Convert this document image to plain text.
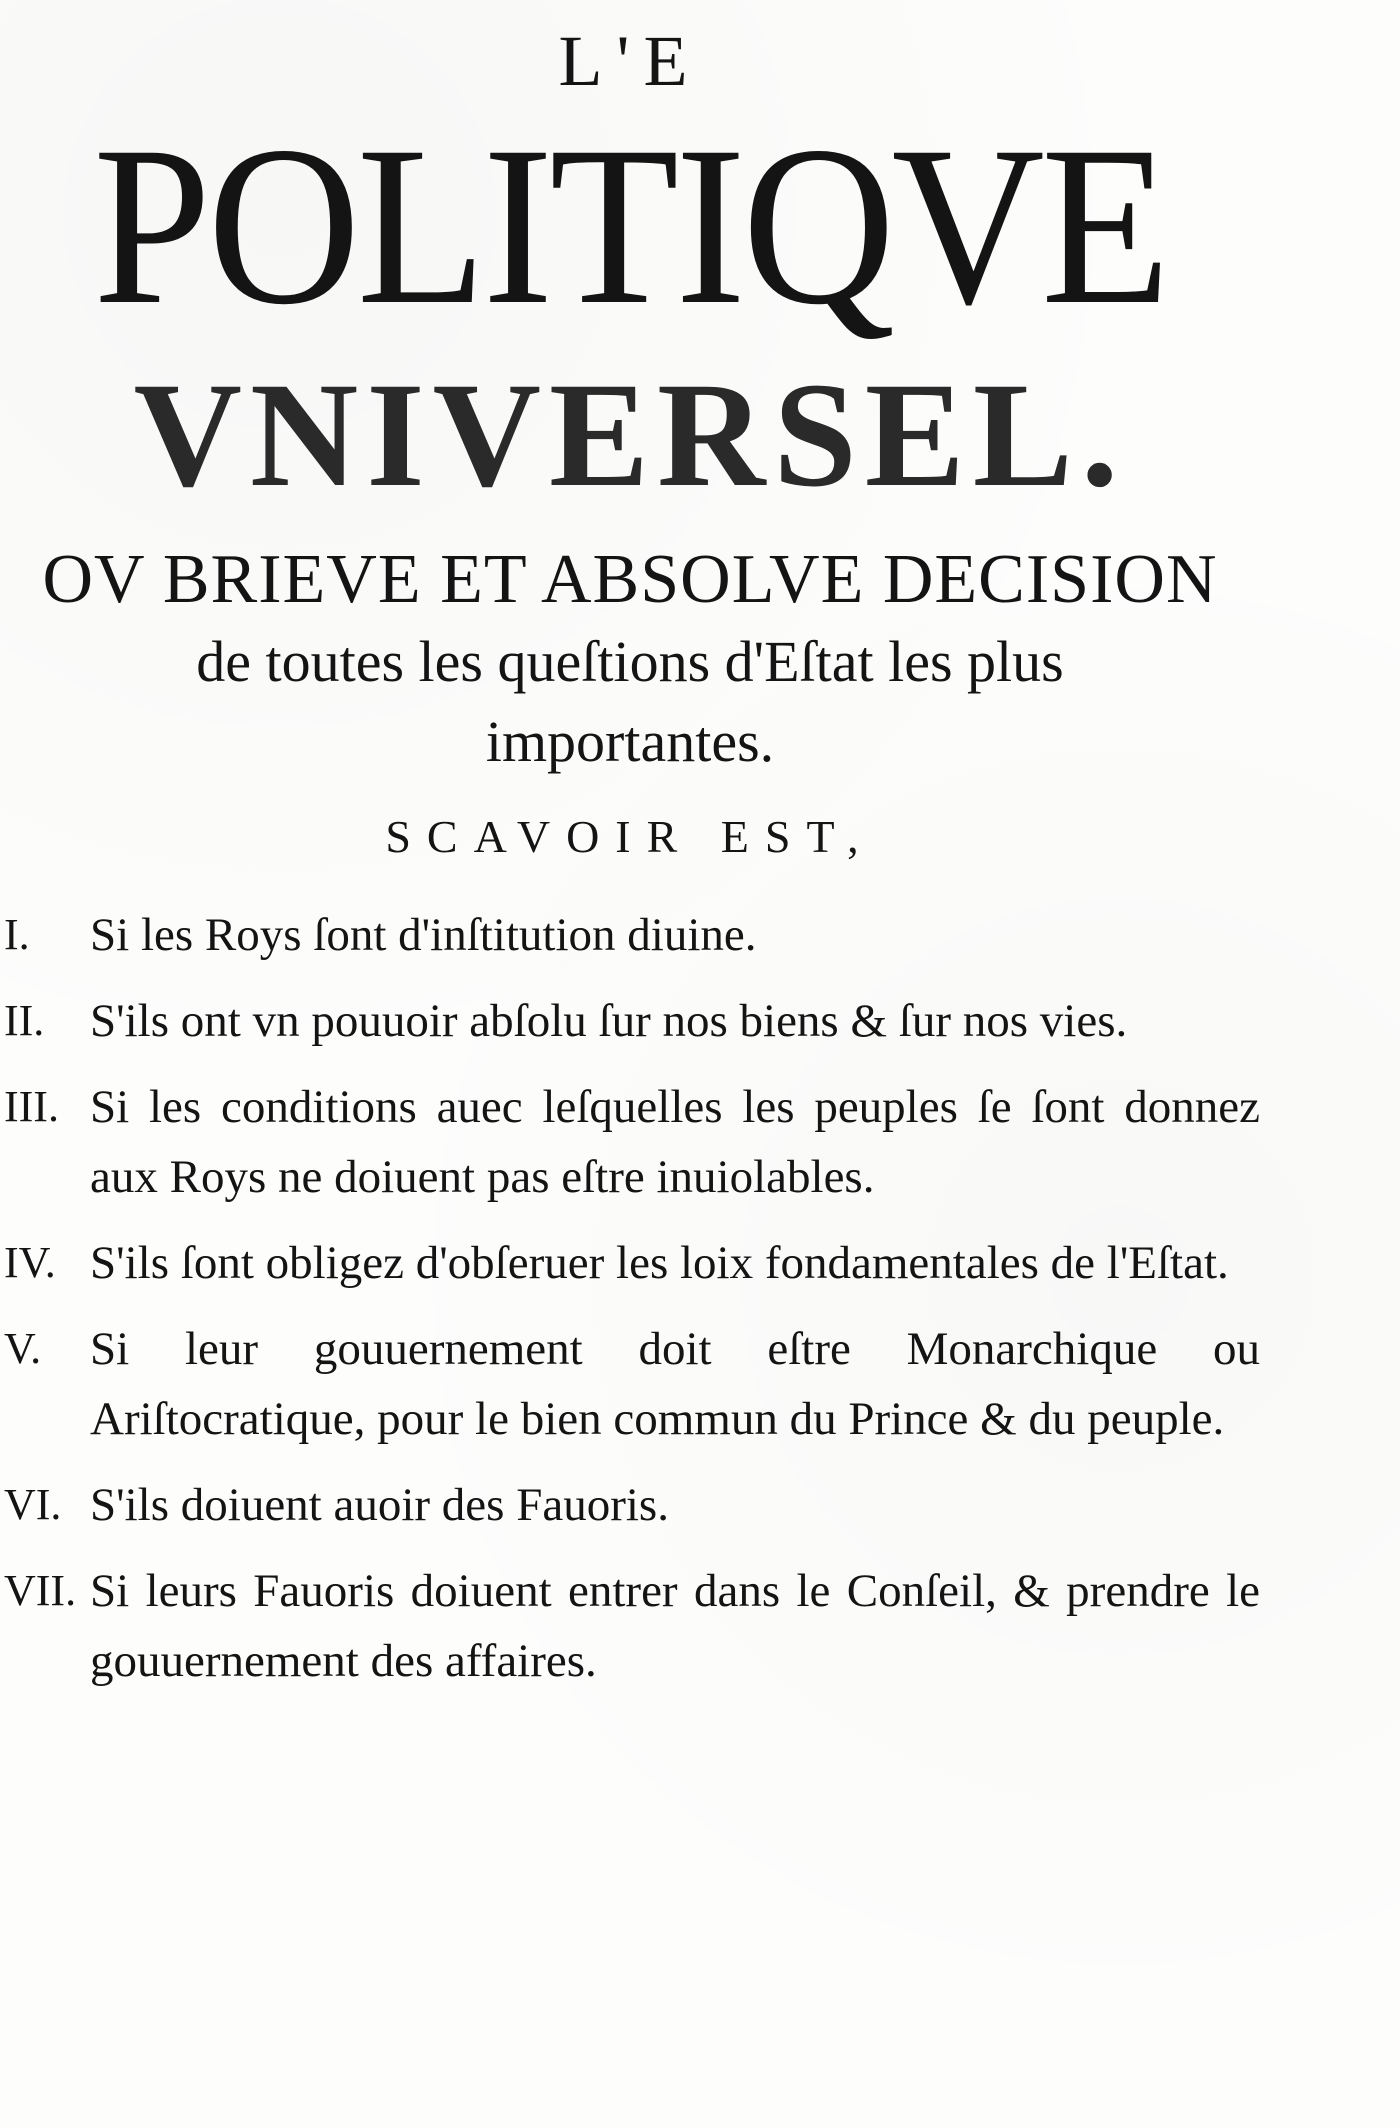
L'E
POLITIQVE
VNIVERSEL.
OV BRIEVE ET ABSOLVE DECISION
de toutes les queſtions d'Eſtat les plus
importantes.
SCAVOIR EST,
I. Si les Roys ſont d'inſtitution diuine.
II. S'ils ont vn pouuoir abſolu ſur nos biens & ſur nos vies.
III. Si les conditions auec leſquelles les peuples ſe ſont donnez aux Roys ne doiuent pas eſtre inuiolables.
IV. S'ils ſont obligez d'obſeruer les loix fondamentales de l'Eſtat.
V. Si leur gouuernement doit eſtre Monarchique ou Ariſtocratique, pour le bien commun du Prince & du peuple.
VI. S'ils doiuent auoir des Fauoris.
VII. Si leurs Fauoris doiuent entrer dans le Conſeil, & prendre le gouuernement des affaires.
